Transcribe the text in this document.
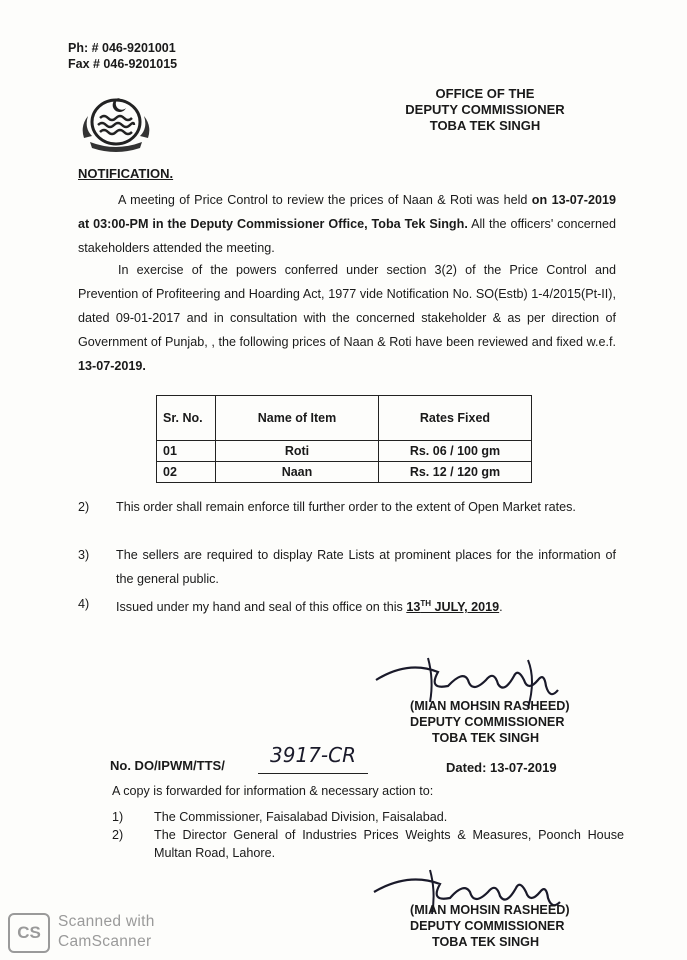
Ph: # 046-9201001
Fax # 046-9201015
OFFICE OF THE
DEPUTY COMMISSIONER
TOBA TEK SINGH
NOTIFICATION.
A meeting of Price Control to review the prices of Naan & Roti was held on 13-07-2019 at 03:00-PM in the Deputy Commissioner Office, Toba Tek Singh. All the officers' concerned stakeholders attended the meeting.
In exercise of the powers conferred under section 3(2) of the Price Control and Prevention of Profiteering and Hoarding Act, 1977 vide Notification No. SO(Estb) 1-4/2015(Pt-II), dated 09-01-2017 and in consultation with the concerned stakeholder & as per direction of Government of Punjab, , the following prices of Naan & Roti have been reviewed and fixed w.e.f. 13-07-2019.
Sr. No.	Name of Item	Rates Fixed
01	Roti	Rs. 06 / 100 gm
02	Naan	Rs. 12 / 120 gm
2) This order shall remain enforce till further order to the extent of Open Market rates.
3) The sellers are required to display Rate Lists at prominent places for the information of the general public.
4) Issued under my hand and seal of this office on this 13TH JULY, 2019.
(MIAN MOHSIN RASHEED)
DEPUTY COMMISSIONER
TOBA TEK SINGH
No. DO/IPWM/TTS/	3917-CR
Dated: 13-07-2019
A copy is forwarded for information & necessary action to:
1) The Commissioner, Faisalabad Division, Faisalabad.
2) The Director General of Industries Prices Weights & Measures, Poonch House Multan Road, Lahore.
(MIAN MOHSIN RASHEED)
DEPUTY COMMISSIONER
TOBA TEK SINGH
CS
Scanned with
CamScanner
